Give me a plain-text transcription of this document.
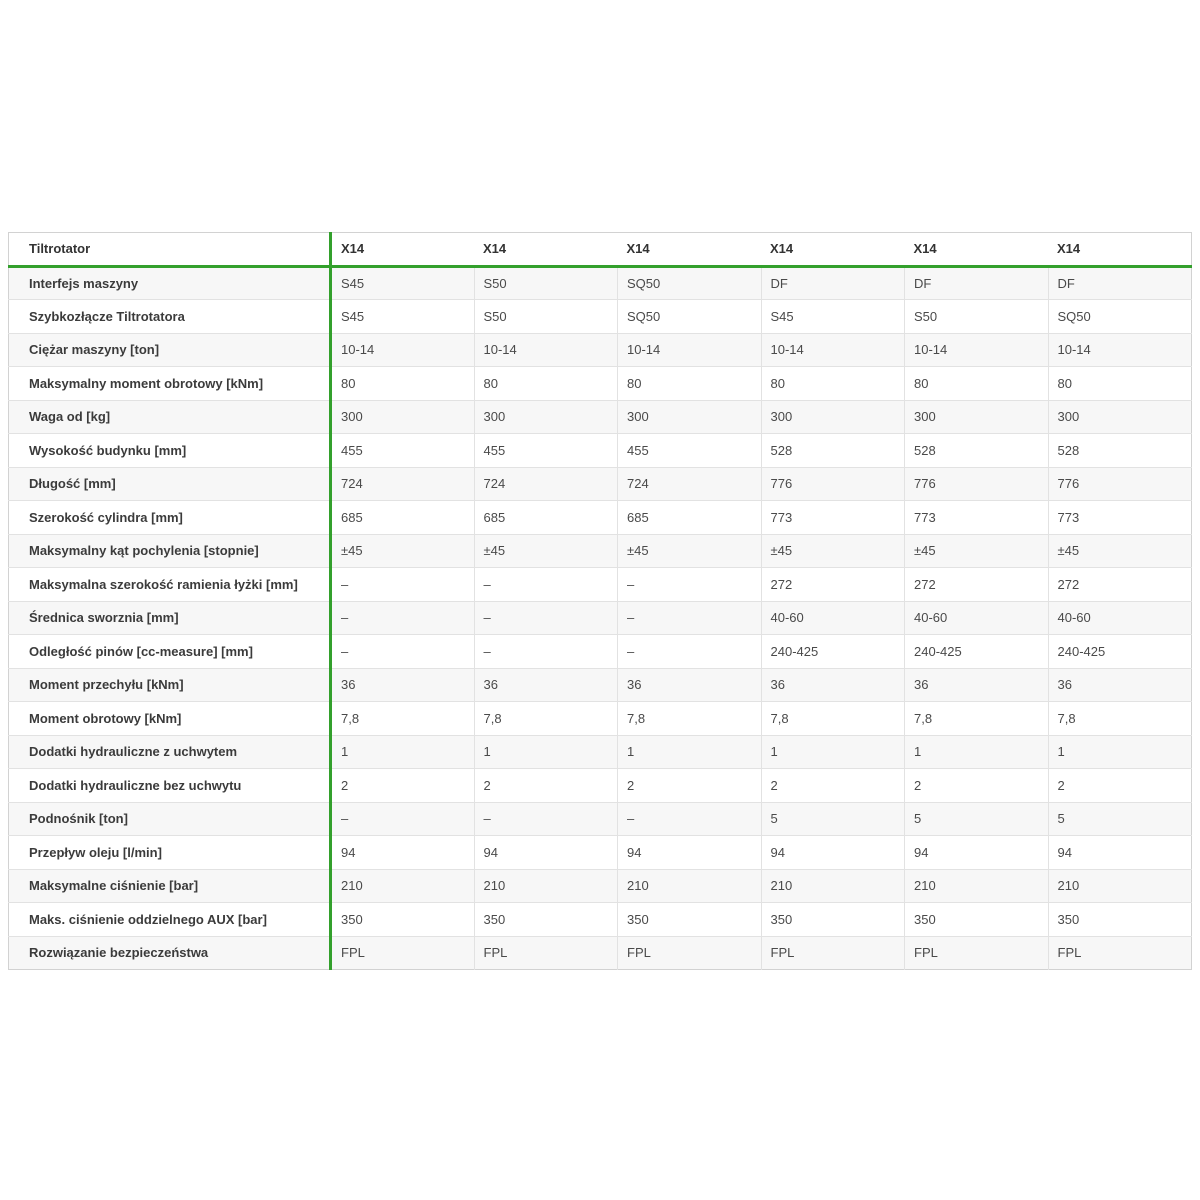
Tiltrotator	X14	X14	X14	X14	X14	X14
Interfejs maszyny	S45	S50	SQ50	DF	DF	DF
Szybkozłącze Tiltrotatora	S45	S50	SQ50	S45	S50	SQ50
Ciężar maszyny [ton]	10-14	10-14	10-14	10-14	10-14	10-14
Maksymalny moment obrotowy [kNm]	80	80	80	80	80	80
Waga od [kg]	300	300	300	300	300	300
Wysokość budynku [mm]	455	455	455	528	528	528
Długość [mm]	724	724	724	776	776	776
Szerokość cylindra [mm]	685	685	685	773	773	773
Maksymalny kąt pochylenia [stopnie]	±45	±45	±45	±45	±45	±45
Maksymalna szerokość ramienia łyżki [mm]	–	–	–	272	272	272
Średnica sworznia [mm]	–	–	–	40-60	40-60	40-60
Odległość pinów [cc-measure] [mm]	–	–	–	240-425	240-425	240-425
Moment przechyłu [kNm]	36	36	36	36	36	36
Moment obrotowy [kNm]	7,8	7,8	7,8	7,8	7,8	7,8
Dodatki hydrauliczne z uchwytem	1	1	1	1	1	1
Dodatki hydrauliczne bez uchwytu	2	2	2	2	2	2
Podnośnik [ton]	–	–	–	5	5	5
Przepływ oleju [l/min]	94	94	94	94	94	94
Maksymalne ciśnienie [bar]	210	210	210	210	210	210
Maks. ciśnienie oddzielnego AUX [bar]	350	350	350	350	350	350
Rozwiązanie bezpieczeństwa	FPL	FPL	FPL	FPL	FPL	FPL
